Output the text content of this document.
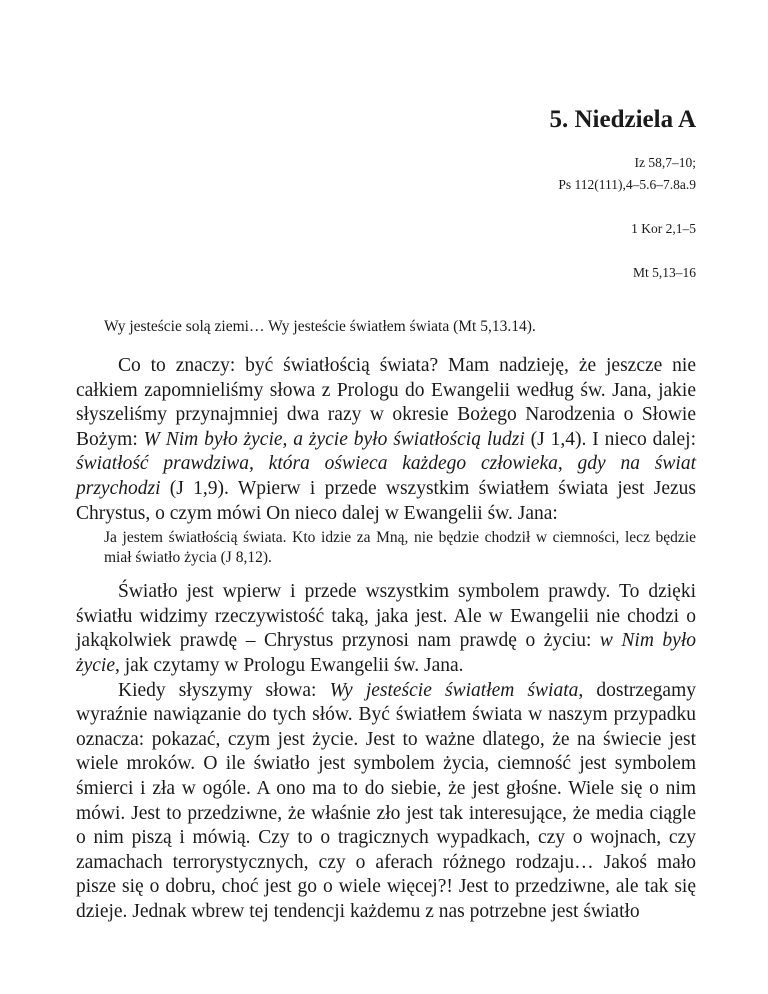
5. Niedziela A
Iz 58,7–10;
Ps 112(111),4–5.6–7.8a.9
1 Kor 2,1–5
Mt 5,13–16

Wy jesteście solą ziemi… Wy jesteście światłem świata (Mt 5,13.14).

Co to znaczy: być światłością świata? Mam nadzieję, że jeszcze nie całkiem zapomnieliśmy słowa z Prologu do Ewangelii według św. Jana, jakie słyszeliśmy przynajmniej dwa razy w okresie Bożego Narodzenia o Słowie Bożym: W Nim było życie, a życie było światłością ludzi (J 1,4). I nieco dalej: światłość prawdziwa, która oświeca każdego człowieka, gdy na świat przychodzi (J 1,9). Wpierw i przede wszystkim światłem świata jest Jezus Chrystus, o czym mówi On nieco dalej w Ewangelii św. Jana:

Ja jestem światłością świata. Kto idzie za Mną, nie będzie chodził w ciemności, lecz będzie miał światło życia (J 8,12).

Światło jest wpierw i przede wszystkim symbolem prawdy. To dzięki światłu widzimy rzeczywistość taką, jaka jest. Ale w Ewangelii nie chodzi o jakąkolwiek prawdę – Chrystus przynosi nam prawdę o życiu: w Nim było życie, jak czytamy w Prologu Ewangelii św. Jana.

Kiedy słyszymy słowa: Wy jesteście światłem świata, dostrzegamy wyraźnie nawiązanie do tych słów. Być światłem świata w naszym przypadku oznacza: pokazać, czym jest życie. Jest to ważne dlatego, że na świecie jest wiele mroków. O ile światło jest symbolem życia, ciemność jest symbolem śmierci i zła w ogóle. A ono ma to do siebie, że jest głośne. Wiele się o nim mówi. Jest to przedziwne, że właśnie zło jest tak interesujące, że media ciągle o nim piszą i mówią. Czy to o tragicznych wypadkach, czy o wojnach, czy zamachach terrorystycznych, czy o aferach różnego rodzaju… Jakoś mało pisze się o dobru, choć jest go o wiele więcej?! Jest to przedziwne, ale tak się dzieje. Jednak wbrew tej tendencji każdemu z nas potrzebne jest światło
